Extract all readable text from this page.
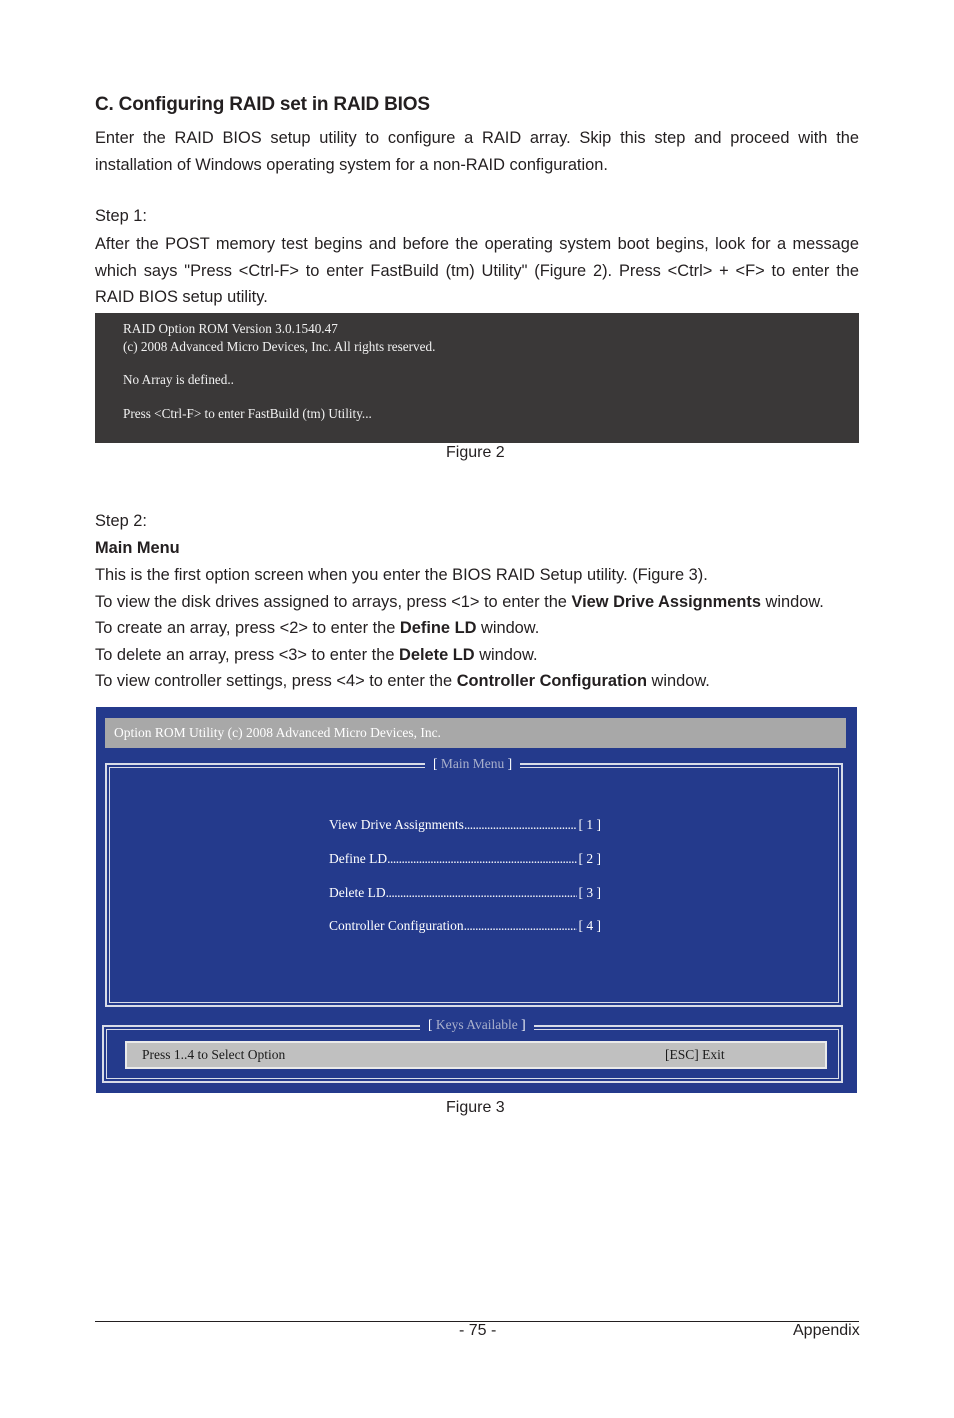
C. Configuring RAID set in RAID BIOS
Enter the RAID BIOS setup utility to configure a RAID array. Skip this step and proceed with the installation of Windows operating system for a non-RAID configuration.
Step 1:
After the POST memory test begins and before the operating system boot begins, look for a message which says "Press <Ctrl-F> to enter FastBuild (tm) Utility" (Figure 2). Press <Ctrl> + <F> to enter the RAID BIOS setup utility.
RAID Option ROM Version 3.0.1540.47
(c) 2008 Advanced Micro Devices, Inc. All rights reserved.
No Array is defined..
Press <Ctrl-F> to enter FastBuild (tm) Utility...
Figure 2
Step 2:
Main Menu
This is the first option screen when you enter the BIOS RAID Setup utility. (Figure 3).
To view the disk drives assigned to arrays, press <1> to enter the View Drive Assignments window.
To create an array, press <2> to enter the Define LD window.
To delete an array, press <3> to enter the Delete LD window.
To view controller settings, press <4> to enter the Controller Configuration window.
Option ROM Utility (c) 2008 Advanced Micro Devices, Inc.
[ Main Menu ]
View Drive Assignments .....	[ 1 ]
Define LD .....	[ 2 ]
Delete LD .....	[ 3 ]
Controller Configuration .....	[ 4 ]
[ Keys Available ]
Press 1..4 to Select Option	[ESC] Exit
Figure 3
- 75 -	Appendix
